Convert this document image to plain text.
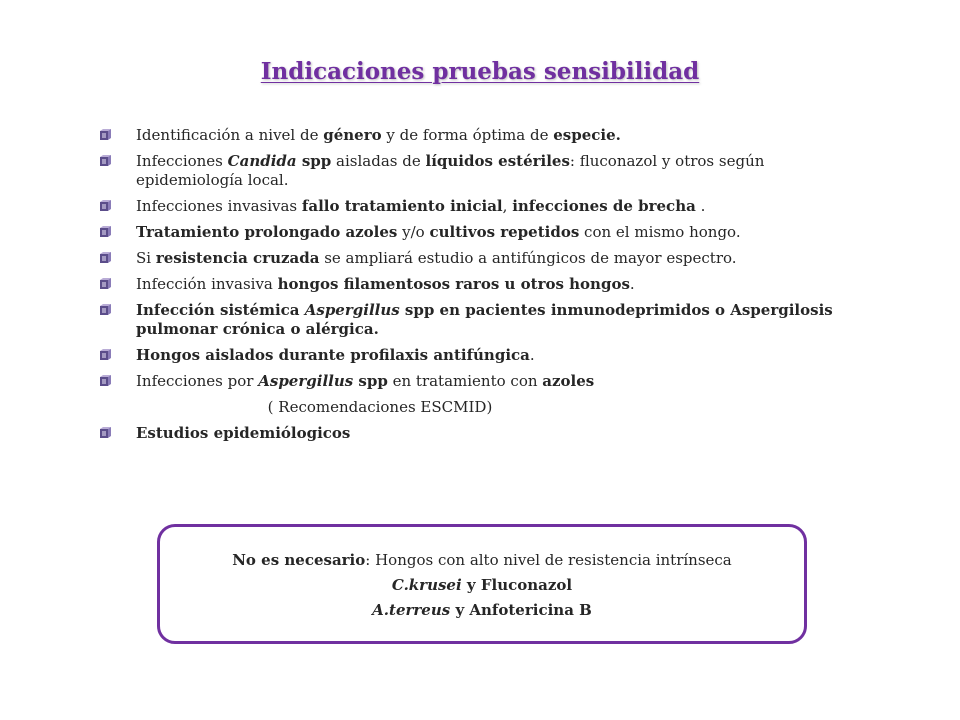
Indicaciones pruebas sensibilidad
Identificación a nivel de género y de forma óptima de especie.
Infecciones Candida spp aisladas de líquidos estériles: fluconazol y otros según epidemiología local.
Infecciones invasivas fallo tratamiento inicial, infecciones de brecha .
Tratamiento prolongado azoles y/o cultivos repetidos con el mismo hongo.
Si resistencia cruzada se ampliará estudio a antifúngicos de mayor espectro.
Infección invasiva hongos filamentosos raros u otros hongos.
Infección sistémica Aspergillus spp en pacientes inmunodeprimidos o Aspergilosis pulmonar crónica o alérgica.
Hongos aislados durante profilaxis antifúngica.
Infecciones por Aspergillus spp en tratamiento con azoles
( Recomendaciones ESCMID)
Estudios epidemiólogicos
No es necesario: Hongos con alto nivel de resistencia intrínseca
C.krusei y Fluconazol
A.terreus y Anfotericina B
